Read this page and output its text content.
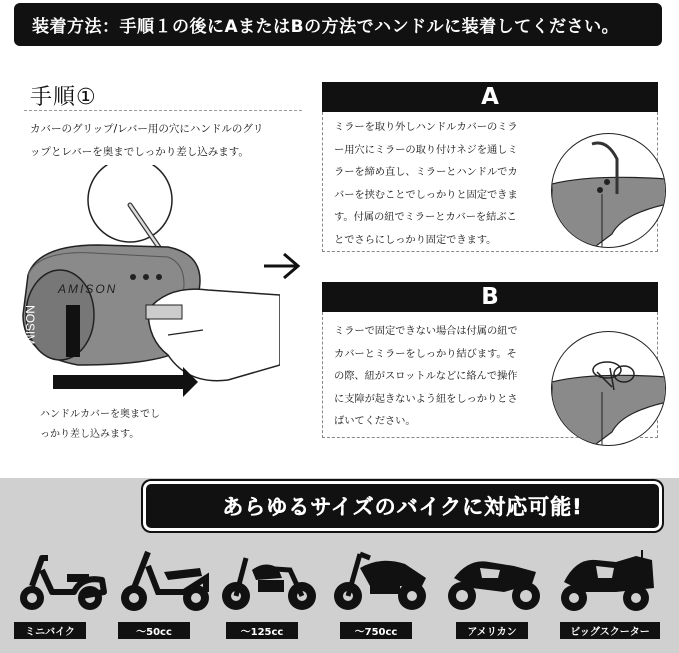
装着方法：手順１の後にAまたはBの方法でハンドルに装着してください。
手順①
カバーのグリップ/レバー用の穴にハンドルのグリ
ップとレバーを奥までしっかり差し込みます。
AMISON
NOSIM
ハンドルカバーを奥までし
っかり差し込みます。
A
ミラーを取り外しハンドルカバーのミラ
ー用穴にミラーの取り付けネジを通しミ
ラーを締め直し、ミラーとハンドルでカ
バーを挟むことでしっかりと固定できま
す。付属の紐でミラーとカバーを結ぶこ
とでさらにしっかり固定できます。
B
ミラーで固定できない場合は付属の紐で
カバーとミラーをしっかり結びます。そ
の際、紐がスロットルなどに絡んで操作
に支障が起きないよう紐をしっかりとさ
ばいてください。
あらゆるサイズのバイクに対応可能!
ミニバイク	～50cc	～125cc	～750cc	アメリカン	ビッグスクーター
